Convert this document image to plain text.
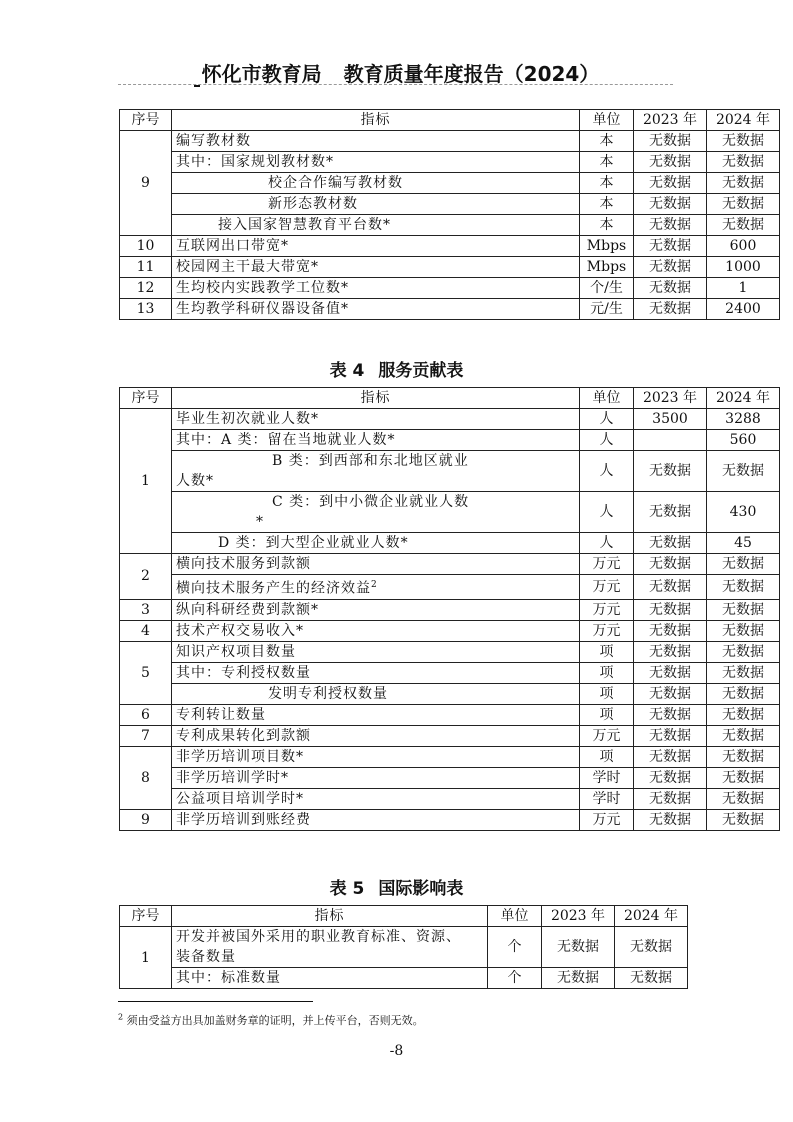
怀化市教育局 教育质量年度报告（2024）
序号	指标	单位	2023 年	2024 年
9	编写教材数	本	无数据	无数据
	其中：国家规划教材数*	本	无数据	无数据
	校企合作编写教材数	本	无数据	无数据
	新形态教材数	本	无数据	无数据
	接入国家智慧教育平台数*	本	无数据	无数据
10	互联网出口带宽*	Mbps	无数据	600
11	校园网主干最大带宽*	Mbps	无数据	1000
12	生均校内实践教学工位数*	个/生	无数据	1
13	生均教学科研仪器设备值*	元/生	无数据	2400
表 4 服务贡献表
序号	指标	单位	2023 年	2024 年
1	毕业生初次就业人数*	人	3500	3288
	其中：A 类：留在当地就业人数*	人		560

	B 类：到西部和东北地区就业
人数*	人	无数据	无数据

	C 类：到中小微企业就业人数
*	人	无数据	430
	D 类：到大型企业就业人数*	人	无数据	45
2	横向技术服务到款额	万元	无数据	无数据
	横向技术服务产生的经济效益$^2$	万元	无数据	无数据
3	纵向科研经费到款额*	万元	无数据	无数据
4	技术产权交易收入*	万元	无数据	无数据
5	知识产权项目数量	项	无数据	无数据
	其中：专利授权数量	项	无数据	无数据
	发明专利授权数量	项	无数据	无数据
6	专利转让数量	项	无数据	无数据
7	专利成果转化到款额	万元	无数据	无数据
8	非学历培训项目数*	项	无数据	无数据
	非学历培训学时*	学时	无数据	无数据
	公益项目培训学时*	学时	无数据	无数据
9	非学历培训到账经费	万元	无数据	无数据
表 5 国际影响表
序号	指标	单位	2023 年	2024 年
1	开发并被国外采用的职业教育标准、资源、
装备数量	个	无数据	无数据
	其中：标准数量	个	无数据	无数据
$^2$ 须由受益方出具加盖财务章的证明，并上传平台，否则无效。
-8
